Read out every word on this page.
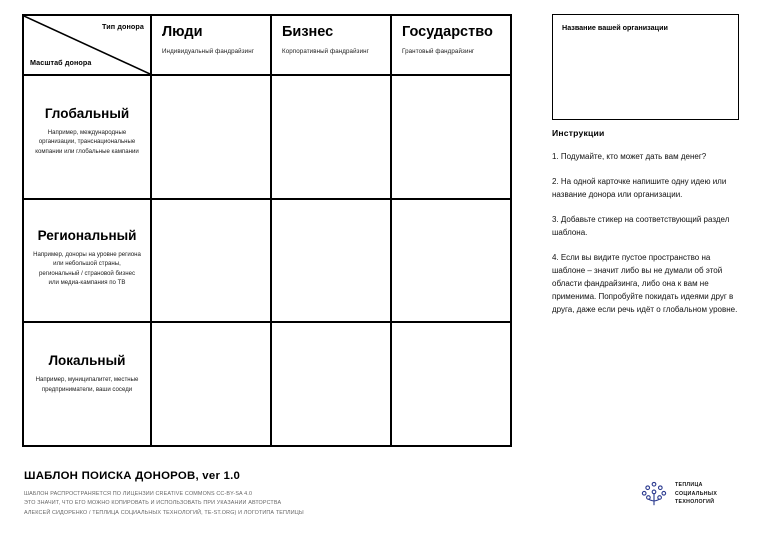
Тип донора
Масштаб донора
Люди
Индивидуальный фандрайзинг
Бизнес
Корпоративный фандрайзинг
Государство
Грантовый фандрайзинг
Глобальный
Например, международные организации, транснациональные компании или глобальные кампании
Региональный
Например, доноры на уровне региона или небольшой страны, региональный / страновой бизнес или медиа-кампания по ТВ
Локальный
Например, муниципалитет, местные предприниматели, ваши соседи
Название вашей организации
Инструкции

1. Подумайте, кто может дать вам денег?

2. На одной карточке напишите одну идею или название донора или организации.

3. Добавьте стикер на соответствующий раздел шаблона.

4. Если вы видите пустое пространство на шаблоне – значит либо вы не думали об этой области фандрайзинга, либо она к вам не применима. Попробуйте покидать идеями друг в друга, даже если речь идёт о глобальном уровне.

ШАБЛОН ПОИСКА ДОНОРОВ, ver 1.0
ШАБЛОН РАСПРОСТРАНЯЕТСЯ ПО ЛИЦЕНЗИИ CREATIVE COMMONS CC-BY-SA 4.0
ЭТО ЗНАЧИТ, ЧТО ЕГО МОЖНО КОПИРОВАТЬ И ИСПОЛЬЗОВАТЬ ПРИ УКАЗАНИИ АВТОРСТВА
АЛЕКСЕЙ СИДОРЕНКО / ТЕПЛИЦА СОЦИАЛЬНЫХ ТЕХНОЛОГИЙ, TE-ST.ORG) И ЛОГОТИПА ТЕПЛИЦЫ
ТЕПЛИЦА
СОЦИАЛЬНЫХ
ТЕХНОЛОГИЙ
